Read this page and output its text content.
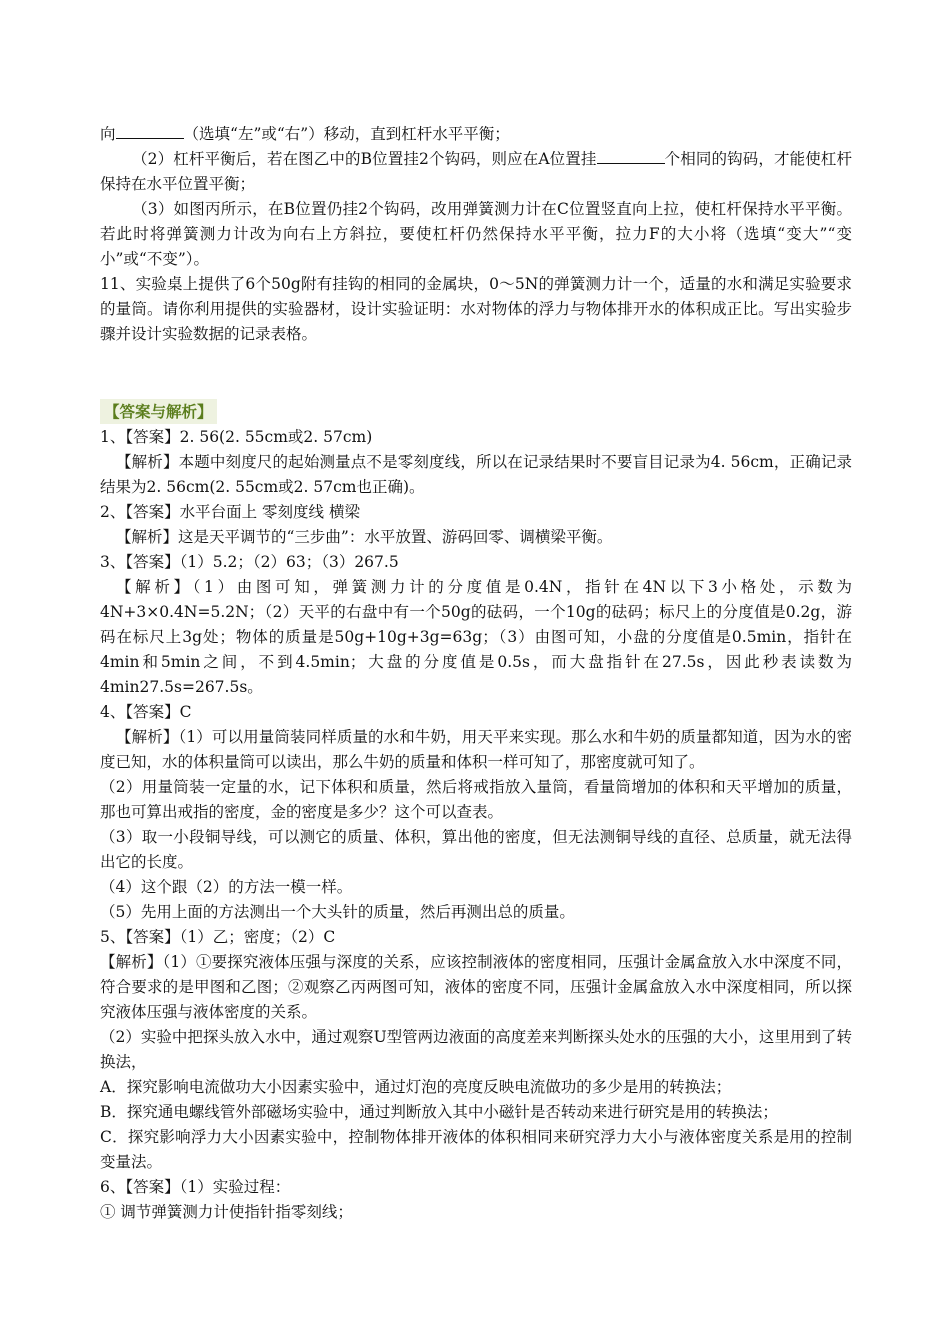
向	（选填“左”或“右”）移动，直到杠杆水平平衡；

（2）杠杆平衡后，若在图乙中的B位置挂2个钩码，则应在A位置挂	个相同的钩码，才能使杠杆保持在水平位置平衡；

（3）如图丙所示，在B位置仍挂2个钩码，改用弹簧测力计在C位置竖直向上拉，使杠杆保持水平平衡。若此时将弹簧测力计改为向右上方斜拉，要使杠杆仍然保持水平平衡，拉力F的大小将（选填“变大”“变小”或“不变”）。

11、实验桌上提供了6个50g附有挂钩的相同的金属块，0～5N的弹簧测力计一个，适量的水和满足实验要求的量筒。请你利用提供的实验器材，设计实验证明：水对物体的浮力与物体排开水的体积成正比。写出实验步骤并设计实验数据的记录表格。

【答案与解析】

1、【答案】2. 56(2. 55cm或2. 57cm)

【解析】本题中刻度尺的起始测量点不是零刻度线，所以在记录结果时不要盲目记录为4. 56cm，正确记录结果为2. 56cm(2. 55cm或2. 57cm也正确)。

2、【答案】水平台面上 零刻度线 横梁

【解析】这是天平调节的“三步曲”：水平放置、游码回零、调横梁平衡。

3、【答案】（1）5.2；（2）63；（3）267.5

【解析】（1）由图可知，弹簧测力计的分度值是0.4N，指针在4N以下3小格处，示数为4N+3×0.4N=5.2N；（2）天平的右盘中有一个50g的砝码，一个10g的砝码；标尺上的分度值是0.2g，游码在标尺上3g处；物体的质量是50g+10g+3g=63g；（3）由图可知，小盘的分度值是0.5min，指针在4min和5min之间，不到4.5min；大盘的分度值是0.5s，而大盘指针在27.5s，因此秒表读数为4min27.5s=267.5s。

4、【答案】C

【解析】（1）可以用量筒装同样质量的水和牛奶，用天平来实现。那么水和牛奶的质量都知道，因为水的密度已知，水的体积量筒可以读出，那么牛奶的质量和体积一样可知了，那密度就可知了。

（2）用量筒装一定量的水，记下体积和质量，然后将戒指放入量筒，看量筒增加的体积和天平增加的质量，那也可算出戒指的密度，金的密度是多少？这个可以查表。

（3）取一小段铜导线，可以测它的质量、体积，算出他的密度，但无法测铜导线的直径、总质量，就无法得出它的长度。

（4）这个跟（2）的方法一模一样。

（5）先用上面的方法测出一个大头针的质量，然后再测出总的质量。

5、【答案】（1）乙；密度；（2）C

【解析】（1）①要探究液体压强与深度的关系，应该控制液体的密度相同，压强计金属盒放入水中深度不同，符合要求的是甲图和乙图；②观察乙丙两图可知，液体的密度不同，压强计金属盒放入水中深度相同，所以探究液体压强与液体密度的关系。

（2）实验中把探头放入水中，通过观察U型管两边液面的高度差来判断探头处水的压强的大小，这里用到了转换法，

A．探究影响电流做功大小因素实验中，通过灯泡的亮度反映电流做功的多少是用的转换法；

B．探究通电螺线管外部磁场实验中，通过判断放入其中小磁针是否转动来进行研究是用的转换法；

C．探究影响浮力大小因素实验中，控制物体排开液体的体积相同来研究浮力大小与液体密度关系是用的控制变量法。

6、【答案】（1）实验过程：

① 调节弹簧测力计使指针指零刻线；
